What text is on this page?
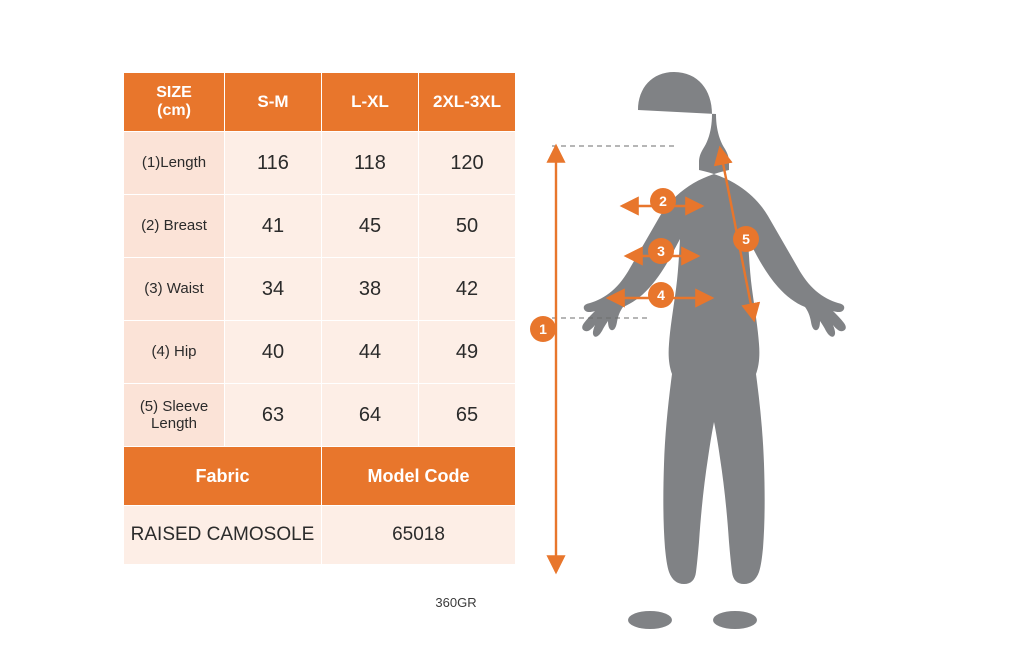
SIZE
(cm)	S-M	L-XL	2XL-3XL
(1)Length	116	118	120
(2) Breast	41	45	50
(3) Waist	34	38	42
(4) Hip	40	44	49

(5) Sleeve
Length	63	64	65
Fabric		Model Code	
RAISED CAMOSOLE		65018	
360GR
1
2
3
4
5
